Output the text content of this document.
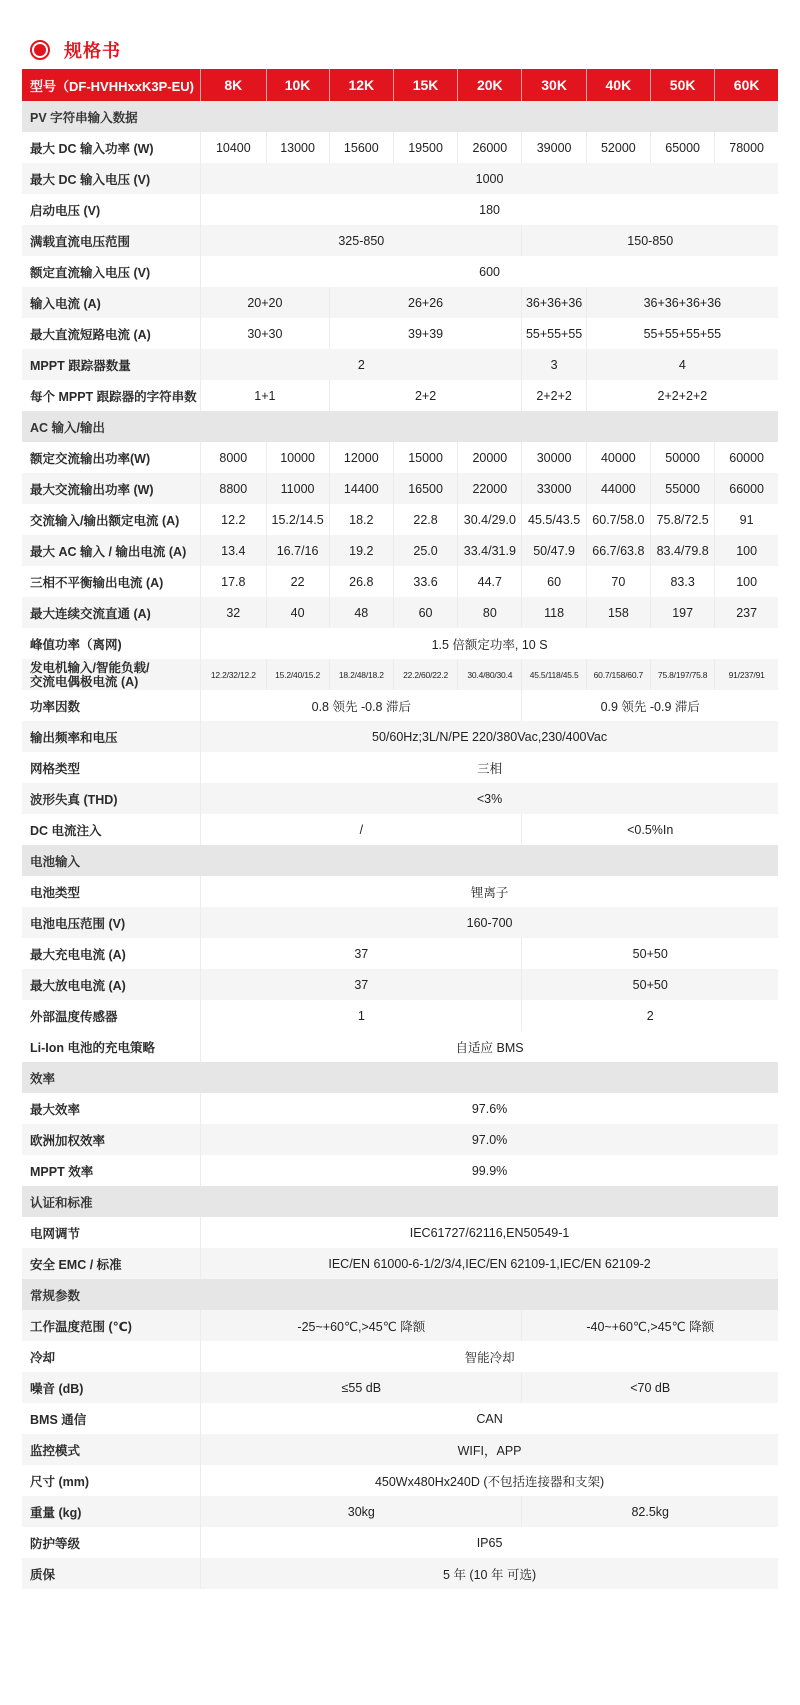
规格书
型号（DF-HVHHxxK3P-EU)	8K	10K	12K	15K	20K	30K	40K	50K	60K
PV 字符串输入数据									
最大 DC 输入功率 (W)	10400	13000	15600	19500	26000	39000	52000	65000	78000
最大 DC 输入电压 (V)	1000								
启动电压 (V)	180								
满载直流电压范围	325-850					150-850			
额定直流输入电压 (V)	600								
输入电流 (A)	20+20		26+26			36+36+36	36+36+36+36		
最大直流短路电流 (A)	30+30		39+39			55+55+55	55+55+55+55		
MPPT 跟踪器数量	2					3	4		
每个 MPPT 跟踪器的字符串数	1+1		2+2			2+2+2	2+2+2+2		
AC 输入/输出									
额定交流输出功率(W)	8000	10000	12000	15000	20000	30000	40000	50000	60000
最大交流输出功率 (W)	8800	11000	14400	16500	22000	33000	44000	55000	66000
交流输入/输出额定电流 (A)	12.2	15.2/14.5	18.2	22.8	30.4/29.0	45.5/43.5	60.7/58.0	75.8/72.5	91
最大 AC 输入 / 输出电流 (A)	13.4	16.7/16	19.2	25.0	33.4/31.9	50/47.9	66.7/63.8	83.4/79.8	100
三相不平衡输出电流 (A)	17.8	22	26.8	33.6	44.7	60	70	83.3	100
最大连续交流直通 (A)	32	40	48	60	80	118	158	197	237
峰值功率（离网)	1.5 倍额定功率, 10 S								

发电机输入/智能负载/
交流电偶极电流 (A)	12.2/32/12.2	15.2/40/15.2	18.2/48/18.2	22.2/60/22.2	30.4/80/30.4	45.5/118/45.5	60.7/158/60.7	75.8/197/75.8	91/237/91
功率因数	0.8 领先 -0.8 滞后					0.9 领先 -0.9 滞后			
输出频率和电压	50/60Hz;3L/N/PE 220/380Vac,230/400Vac								
网格类型	三相								
波形失真 (THD)	<3%								
DC 电流注入	/					<0.5%In			
电池输入									
电池类型	锂离子								
电池电压范围 (V)	160-700								
最大充电电流 (A)	37					50+50			
最大放电电流 (A)	37					50+50			
外部温度传感器	1					2			
Li-Ion 电池的充电策略	自适应 BMS								
效率									
最大效率	97.6%								
欧洲加权效率	97.0%								
MPPT 效率	99.9%								
认证和标准									
电网调节	IEC61727/62116,EN50549-1								
安全 EMC / 标准	IEC/EN 61000-6-1/2/3/4,IEC/EN 62109-1,IEC/EN 62109-2								
常规参数									
工作温度范围 (℃)	-25~+60℃,>45℃ 降额					-40~+60℃,>45℃ 降额			
冷却	智能冷却								
噪音 (dB)	≤55 dB					<70 dB			
BMS 通信	CAN								
监控模式	WIFI，APP								
尺寸 (mm)	450Wx480Hx240D (不包括连接器和支架)								
重量 (kg)	30kg					82.5kg			
防护等级	IP65								
质保	5 年 (10 年 可选)								
